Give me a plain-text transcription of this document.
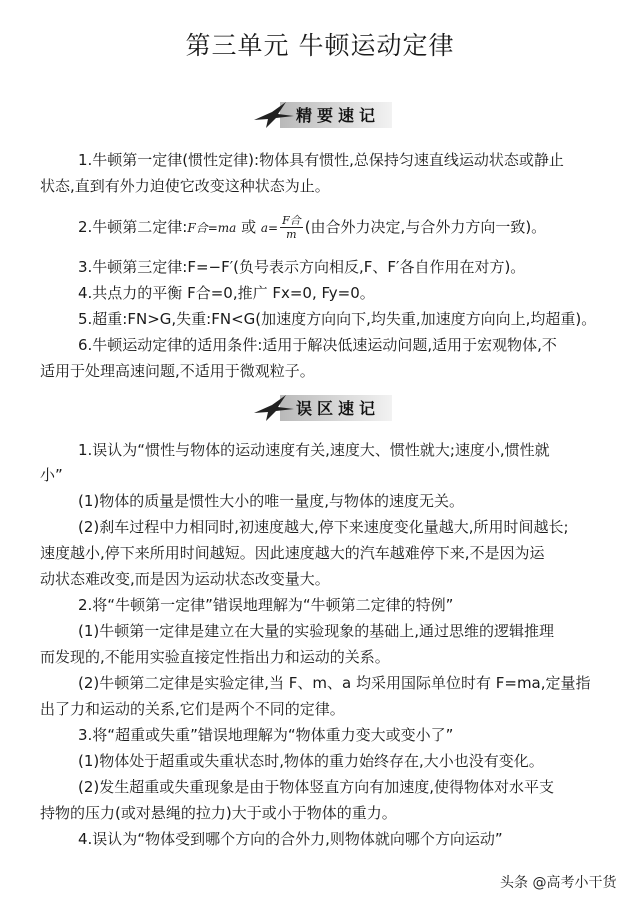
第三单元 牛顿运动定律
精要速记
1.牛顿第一定律(惯性定律):物体具有惯性,总保持匀速直线运动状态或静止
状态,直到有外力迫使它改变这种状态为止。
2.牛顿第二定律:F合=ma 或 $a= \frac{\text{F合}}{m}$ (由合外力决定,与合外力方向一致)。
3.牛顿第三定律:F=−F′(负号表示方向相反,F、F′各自作用在对方)。
4.共点力的平衡 F合=0,推广 Fx=0, Fy=0。
5.超重:FN>G,失重:FN<G(加速度方向向下,均失重,加速度方向向上,均超重)。
6.牛顿运动定律的适用条件:适用于解决低速运动问题,适用于宏观物体,不
适用于处理高速问题,不适用于微观粒子。
误区速记
1.误认为“惯性与物体的运动速度有关,速度大、惯性就大;速度小,惯性就
小”
(1)物体的质量是惯性大小的唯一量度,与物体的速度无关。
(2)刹车过程中力相同时,初速度越大,停下来速度变化量越大,所用时间越长;
速度越小,停下来所用时间越短。因此速度越大的汽车越难停下来,不是因为运
动状态难改变,而是因为运动状态改变量大。
2.将“牛顿第一定律”错误地理解为“牛顿第二定律的特例”
(1)牛顿第一定律是建立在大量的实验现象的基础上,通过思维的逻辑推理
而发现的,不能用实验直接定性指出力和运动的关系。
(2)牛顿第二定律是实验定律,当 F、m、a 均采用国际单位时有 F=ma,定量指
出了力和运动的关系,它们是两个不同的定律。
3.将“超重或失重”错误地理解为“物体重力变大或变小了”
(1)物体处于超重或失重状态时,物体的重力始终存在,大小也没有变化。
(2)发生超重或失重现象是由于物体竖直方向有加速度,使得物体对水平支
持物的压力(或对悬绳的拉力)大于或小于物体的重力。
4.误认为“物体受到哪个方向的合外力,则物体就向哪个方向运动”
头条 @高考小干货
